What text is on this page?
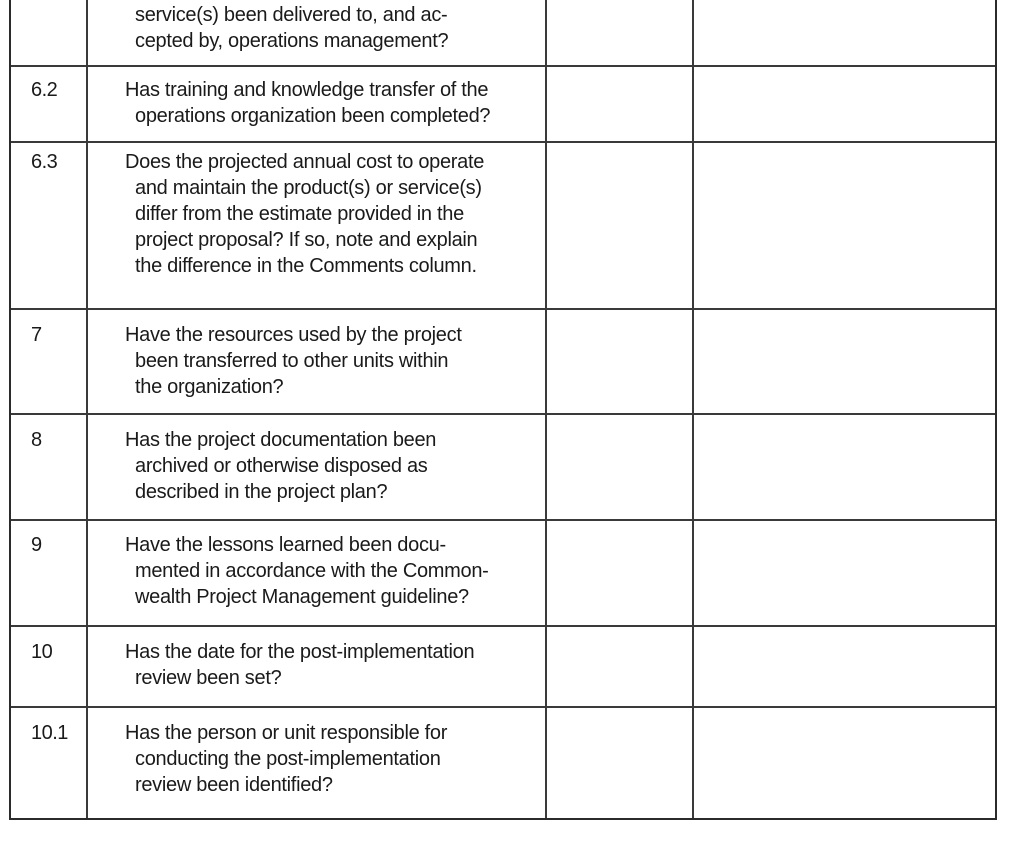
service(s) been delivered to, and ac-
cepted by, operations management?
6.2	Has training and knowledge transfer of the
operations organization been completed?
6.3	Does the projected annual cost to operate
and maintain the product(s) or service(s)
differ from the estimate provided in the
project proposal? If so, note and explain
the difference in the Comments column.
7	Have the resources used by the project
been transferred to other units within
the organization?
8	Has the project documentation been
archived or otherwise disposed as
described in the project plan?
9	Have the lessons learned been docu-
mented in accordance with the Common-
wealth Project Management guideline?
10	Has the date for the post-implementation
review been set?
10.1	Has the person or unit responsible for
conducting the post-implementation
review been identified?
